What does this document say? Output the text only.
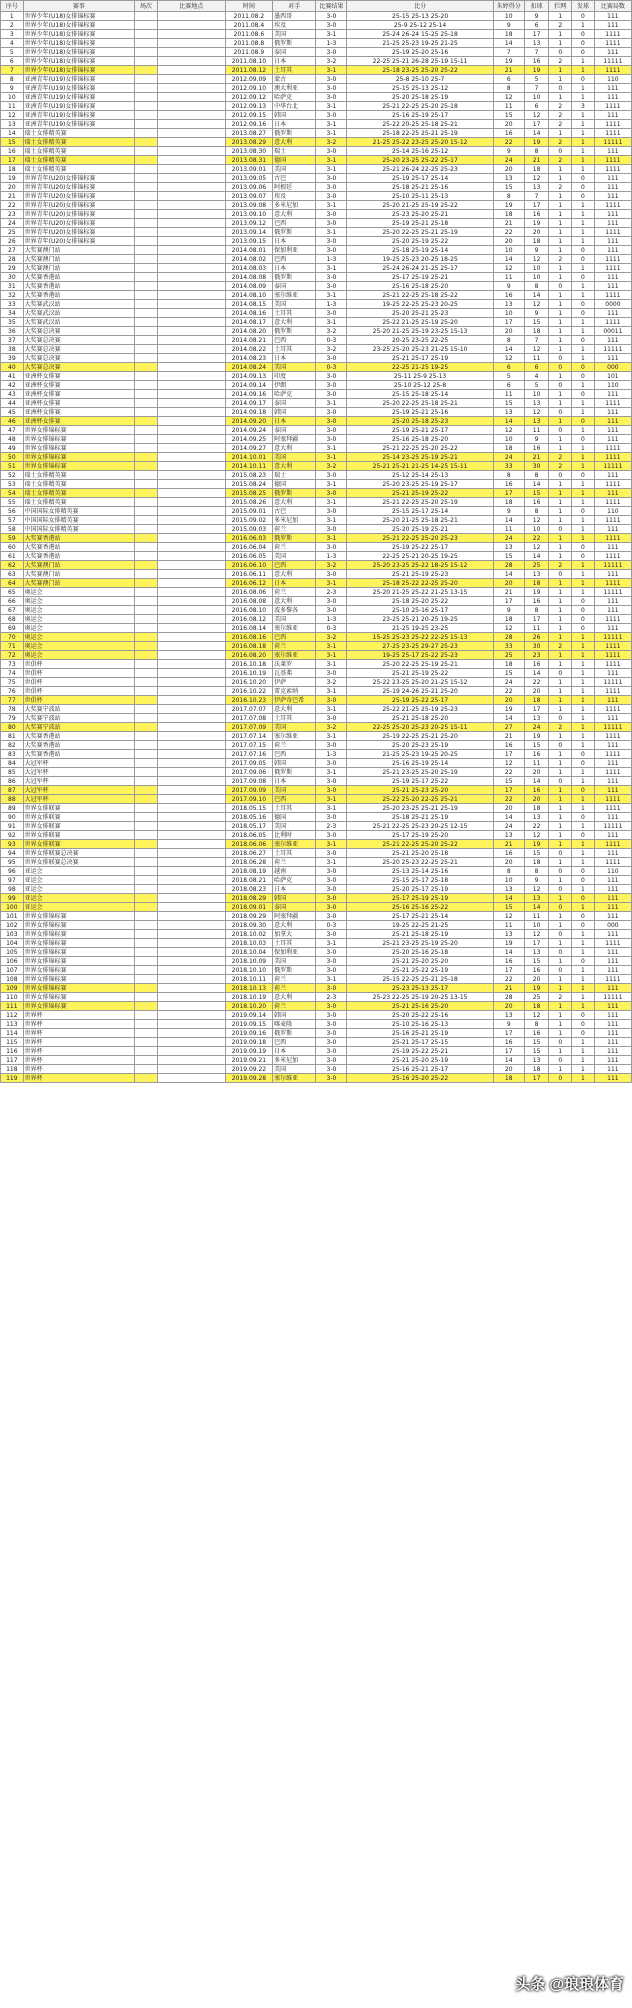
序号	赛事	场次	比赛地点	时间	对手	比赛结果	比分	朱婷得分	扣球	拦网	发球	比赛局数
1	世界少年(U18)女排锦标赛			2011.08.2	墨西哥	3-0	25-15 25-13 25-20	10	9	1	0	111
2	世界少年(U18)女排锦标赛			2011.08.4	埃及	3-0	25-9 25-12 25-14	9	6	2	1	111
3	世界少年(U18)女排锦标赛			2011.08.6	美国	3-1	25-24 26-24 15-25 25-18	18	17	1	0	1111
4	世界少年(U18)女排锦标赛			2011.08.8	俄罗斯	1-3	21-25 25-23 19-25 21-25	14	13	1	0	1111
5	世界少年(U18)女排锦标赛			2011.08.9	泰国	3-0	25-19 25-20 25-16	7	7	0	0	111
6	世界少年(U18)女排锦标赛			2011.08.10	日本	3-2	22-25 25-21 26-28 25-19 15-11	19	16	2	1	11111
7	世界少年(U18)女排锦标赛			2011.08.12	土耳其	3-1	25-18 23-25 25-20 25-22	21	19	1	1	1111
8	亚洲青年(U19)女排锦标赛			2012.09.09	蒙古	3-0	25-8 25-10 25-7	6	5	1	0	110
9	亚洲青年(U19)女排锦标赛			2012.09.10	澳大利亚	3-0	25-15 25-13 25-12	8	7	0	1	111
10	亚洲青年(U19)女排锦标赛			2012.09.12	哈萨克	3-0	25-20 25-18 25-19	12	10	1	1	111
11	亚洲青年(U19)女排锦标赛			2012.09.13	中华台北	3-1	25-21 22-25 25-20 25-18	11	6	2	3	1111
12	亚洲青年(U19)女排锦标赛			2012.09.15	韩国	3-0	25-16 25-19 25-17	15	12	2	1	111
13	亚洲青年(U19)女排锦标赛			2012.09.16	日本	3-1	25-22 20-25 25-18 25-21	20	17	2	1	1111
14	瑞士女排精英赛			2013.08.27	俄罗斯	3-1	25-18 22-25 25-21 25-19	16	14	1	1	1111
15	瑞士女排精英赛			2013.08.29	意大利	3-2	21-25 25-22 23-25 25-20 15-12	22	19	2	1	11111
16	瑞士女排精英赛			2013.08.30	瑞士	3-0	25-14 25-16 25-12	9	8	0	1	111
17	瑞士女排精英赛			2013.08.31	德国	3-1	25-20 23-25 25-22 25-17	24	21	2	1	1111
18	瑞士女排精英赛			2013.09.01	美国	3-1	25-21 26-24 22-25 25-23	20	18	1	1	1111
19	世界青年(U20)女排锦标赛			2013.09.05	古巴	3-0	25-19 25-17 25-14	13	12	1	0	111
20	世界青年(U20)女排锦标赛			2013.09.06	阿根廷	3-0	25-18 25-21 25-16	15	13	2	0	111
21	世界青年(U20)女排锦标赛			2013.09.07	埃及	3-0	25-10 25-11 25-13	8	7	1	0	111
22	世界青年(U20)女排锦标赛			2013.09.08	多米尼加	3-1	25-20 21-25 25-19 25-22	19	17	1	1	1111
23	世界青年(U20)女排锦标赛			2013.09.10	意大利	3-0	25-23 25-20 25-21	18	16	1	1	111
24	世界青年(U20)女排锦标赛			2013.09.12	巴西	3-0	25-19 25-21 25-18	21	19	1	1	111
25	世界青年(U20)女排锦标赛			2013.09.14	俄罗斯	3-1	25-20 22-25 25-21 25-19	22	20	1	1	1111
26	世界青年(U20)女排锦标赛			2013.09.15	日本	3-0	25-20 25-19 25-22	20	18	1	1	111
27	大奖赛澳门站			2014.08.01	保加利亚	3-0	25-18 25-19 25-14	10	9	1	0	111
28	大奖赛澳门站			2014.08.02	巴西	1-3	19-25 25-23 20-25 18-25	14	12	2	0	1111
29	大奖赛澳门站			2014.08.03	日本	3-1	25-24 26-24 21-25 25-17	12	10	1	1	1111
30	大奖赛香港站			2014.08.08	俄罗斯	3-0	25-17 25-19 25-21	11	10	1	0	111
31	大奖赛香港站			2014.08.09	泰国	3-0	25-16 25-18 25-20	9	8	0	1	111
32	大奖赛香港站			2014.08.10	塞尔维亚	3-1	25-21 22-25 25-18 25-22	16	14	1	1	1111
33	大奖赛武汉站			2014.08.15	美国	1-3	19-25 22-25 25-23 20-25	13	12	1	0	0000
34	大奖赛武汉站			2014.08.16	土耳其	3-0	25-20 25-21 25-23	10	9	1	0	111
35	大奖赛武汉站			2014.08.17	意大利	3-1	25-22 21-25 25-19 25-20	17	15	1	1	1111
36	大奖赛总决赛			2014.08.20	俄罗斯	3-2	25-20 21-25 25-19 23-25 15-13	20	18	1	1	00011
37	大奖赛总决赛			2014.08.21	巴西	0-3	20-25 23-25 22-25	8	7	1	0	111
38	大奖赛总决赛			2014.08.22	土耳其	3-2	23-25 25-20 25-23 21-25 15-10	14	12	1	1	11111
39	大奖赛总决赛			2014.08.23	日本	3-0	25-21 25-17 25-19	12	11	0	1	111
40	大奖赛总决赛			2014.08.24	美国	0-3	22-25 21-25 19-25	6	6	0	0	000
41	亚洲杯女排赛			2014.09.13	印度	3-0	25-11 25-9 25-13	5	4	1	0	101
42	亚洲杯女排赛			2014.09.14	伊朗	3-0	25-10 25-12 25-8	6	5	0	1	110
43	亚洲杯女排赛			2014.09.16	哈萨克	3-0	25-15 25-18 25-14	11	10	1	0	111
44	亚洲杯女排赛			2014.09.17	泰国	3-1	25-20 22-25 25-18 25-21	15	13	1	1	1111
45	亚洲杯女排赛			2014.09.18	韩国	3-0	25-19 25-21 25-16	13	12	0	1	111
46	亚洲杯女排赛			2014.09.20	日本	3-0	25-20 25-18 25-23	14	13	1	0	111
47	世界女排锦标赛			2014.09.24	泰国	3-0	25-19 25-21 25-17	12	11	0	1	111
48	世界女排锦标赛			2014.09.25	阿塞拜疆	3-0	25-16 25-18 25-20	10	9	1	0	111
49	世界女排锦标赛			2014.09.27	意大利	3-1	25-21 22-25 25-20 25-22	18	16	1	1	1111
50	世界女排锦标赛			2014.10.01	美国	3-1	25-14 23-25 25-19 25-21	24	21	2	1	1111
51	世界女排锦标赛			2014.10.11	意大利	3-2	25-21 25-21 21-25 14-25 15-11	33	30	2	1	11111
52	瑞士女排精英赛			2015.08.23	瑞士	3-0	25-12 25-14 25-13	8	8	0	0	111
53	瑞士女排精英赛			2015.08.24	德国	3-1	25-20 23-25 25-19 25-17	16	14	1	1	1111
54	瑞士女排精英赛			2015.08.25	俄罗斯	3-0	25-21 25-19 25-22	17	15	1	1	111
55	瑞士女排精英赛			2015.08.26	意大利	3-1	25-21 22-25 25-20 25-19	18	16	1	1	1111
56	中国国际女排精英赛			2015.09.01	古巴	3-0	25-15 25-17 25-14	9	8	1	0	110
57	中国国际女排精英赛			2015.09.02	多米尼加	3-1	25-20 21-25 25-18 25-21	14	12	1	1	1111
58	中国国际女排精英赛			2015.09.03	荷兰	3-0	25-20 25-19 25-21	11	10	0	1	111
59	大奖赛香港站			2016.06.03	俄罗斯	3-1	25-21 22-25 25-20 25-23	24	22	1	1	1111
60	大奖赛香港站			2016.06.04	荷兰	3-0	25-19 25-22 25-17	13	12	1	0	111
61	大奖赛香港站			2016.06.05	美国	1-3	22-25 25-21 20-25 19-25	15	14	1	0	1111
62	大奖赛澳门站			2016.06.10	巴西	3-2	25-20 23-25 25-22 18-25 15-12	28	25	2	1	11111
63	大奖赛澳门站			2016.06.11	意大利	3-0	25-21 25-19 25-23	14	13	0	1	111
64	大奖赛澳门站			2016.06.12	日本	3-1	25-18 25-22 22-25 25-20	20	18	1	1	1111
65	奥运会			2016.08.06	荷兰	2-3	25-20 21-25 25-22 21-25 13-15	21	19	1	1	11111
66	奥运会			2016.08.08	意大利	3-0	25-18 25-20 25-22	17	16	1	0	111
67	奥运会			2016.08.10	波多黎各	3-0	25-10 25-16 25-17	9	8	1	0	111
68	奥运会			2016.08.12	美国	1-3	23-25 25-21 20-25 19-25	18	17	1	0	1111
69	奥运会			2016.08.14	塞尔维亚	0-3	21-25 19-25 23-25	12	11	1	0	111
70	奥运会			2016.08.16	巴西	3-2	15-25 25-23 25-22 22-25 15-13	28	26	1	1	11111
71	奥运会			2016.08.18	荷兰	3-1	27-25 23-25 29-27 25-23	33	30	2	1	1111
72	奥运会			2016.08.20	塞尔维亚	3-1	19-25 25-17 25-22 25-23	25	23	1	1	1111
73	世俱杯			2016.10.18	沃莱罗	3-1	25-20 22-25 25-19 25-21	18	16	1	1	1111
74	世俱杯			2016.10.19	瓦基弗	3-0	25-21 25-19 25-22	15	14	0	1	111
75	世俱杯			2016.10.20	伊萨	3-2	25-22 23-25 25-20 21-25 15-12	24	22	1	1	11111
76	世俱杯			2016.10.22	雷克索纳	3-1	25-19 24-26 25-21 25-20	22	20	1	1	1111
77	世俱杯			2016.10.23	伊萨奇巴希	3-0	25-19 25-22 25-17	20	18	1	1	111
78	大奖赛宁波站			2017.07.07	意大利	3-1	25-22 21-25 25-19 25-23	19	17	1	1	1111
79	大奖赛宁波站			2017.07.08	土耳其	3-0	25-21 25-18 25-20	14	13	0	1	111
80	大奖赛宁波站			2017.07.09	美国	3-2	22-25 25-20 25-23 20-25 15-11	27	24	2	1	11111
81	大奖赛香港站			2017.07.14	塞尔维亚	3-1	25-19 22-25 25-21 25-20	21	19	1	1	1111
82	大奖赛香港站			2017.07.15	荷兰	3-0	25-20 25-23 25-19	16	15	0	1	111
83	大奖赛香港站			2017.07.16	巴西	1-3	21-25 25-23 19-25 20-25	17	16	1	0	1111
84	大冠军杯			2017.09.05	韩国	3-0	25-16 25-19 25-14	12	11	1	0	111
85	大冠军杯			2017.09.06	俄罗斯	3-1	25-21 23-25 25-20 25-19	22	20	1	1	1111
86	大冠军杯			2017.09.08	日本	3-0	25-19 25-17 25-22	15	14	0	1	111
87	大冠军杯			2017.09.09	美国	3-0	25-21 25-23 25-20	17	16	1	0	111
88	大冠军杯			2017.09.10	巴西	3-1	25-22 25-20 22-25 25-21	22	20	1	1	1111
89	世界女排联赛			2018.05.15	土耳其	3-1	25-20 23-25 25-21 25-19	20	18	1	1	1111
90	世界女排联赛			2018.05.16	德国	3-0	25-18 25-21 25-19	14	13	1	0	111
91	世界女排联赛			2018.05.17	美国	2-3	25-21 22-25 25-23 20-25 12-15	24	22	1	1	11111
92	世界女排联赛			2018.06.05	比利时	3-0	25-17 25-19 25-20	13	12	1	0	111
93	世界女排联赛			2018.06.06	塞尔维亚	3-1	25-21 22-25 25-20 25-22	21	19	1	1	1111
94	世界女排联赛总决赛			2018.06.27	土耳其	3-0	25-21 25-20 25-18	16	15	0	1	111
95	世界女排联赛总决赛			2018.06.28	荷兰	3-1	25-20 25-23 22-25 25-21	20	18	1	1	1111
96	亚运会			2018.08.19	越南	3-0	25-13 25-14 25-16	8	8	0	0	110
97	亚运会			2018.08.21	哈萨克	3-0	25-15 25-17 25-18	10	9	1	0	111
98	亚运会			2018.08.23	日本	3-0	25-20 25-17 25-19	13	12	0	1	111
99	亚运会			2018.08.29	韩国	3-0	25-17 25-19 25-19	14	13	1	0	111
100	亚运会			2018.09.01	泰国	3-0	25-16 25-16 25-22	15	14	0	1	111
101	世界女排锦标赛			2018.09.29	阿塞拜疆	3-0	25-17 25-21 25-14	12	11	1	0	111
102	世界女排锦标赛			2018.09.30	意大利	0-3	19-25 22-25 21-25	11	10	1	0	000
103	世界女排锦标赛			2018.10.02	加拿大	3-0	25-21 25-18 25-19	13	12	0	1	111
104	世界女排锦标赛			2018.10.03	土耳其	3-1	25-21 23-25 25-19 25-20	19	17	1	1	1111
105	世界女排锦标赛			2018.10.04	保加利亚	3-0	25-20 25-16 25-18	14	13	0	1	111
106	世界女排锦标赛			2018.10.09	美国	3-0	25-21 25-20 25-20	16	15	1	0	111
107	世界女排锦标赛			2018.10.10	俄罗斯	3-0	25-21 25-22 25-19	17	16	0	1	111
108	世界女排锦标赛			2018.10.11	荷兰	3-1	25-15 22-25 25-21 25-18	22	20	1	1	1111
109	世界女排锦标赛			2018.10.13	荷兰	3-0	25-23 25-13 25-17	21	19	1	1	111
110	世界女排锦标赛			2018.10.19	意大利	2-3	25-23 22-25 25-19 20-25 13-15	28	25	2	1	11111
111	世界女排锦标赛			2018.10.20	荷兰	3-0	25-21 25-16 25-20	20	18	1	1	111
112	世界杯			2019.09.14	韩国	3-0	25-20 25-22 25-16	13	12	1	0	111
113	世界杯			2019.09.15	喀麦隆	3-0	25-10 25-16 25-13	9	8	1	0	111
114	世界杯			2019.09.16	俄罗斯	3-0	25-16 25-21 25-19	17	16	1	0	111
115	世界杯			2019.09.18	巴西	3-0	25-21 25-17 25-15	16	15	0	1	111
116	世界杯			2019.09.19	日本	3-0	25-19 25-22 25-21	17	15	1	1	111
117	世界杯			2019.09.21	多米尼加	3-0	25-21 25-20 25-19	14	13	0	1	111
118	世界杯			2019.09.22	美国	3-0	25-16 25-21 25-17	20	18	1	1	111
119	世界杯			2019.09.28	塞尔维亚	3-0	25-16 25-20 25-22	18	17	0	1	111
头条 @琅琅体育
